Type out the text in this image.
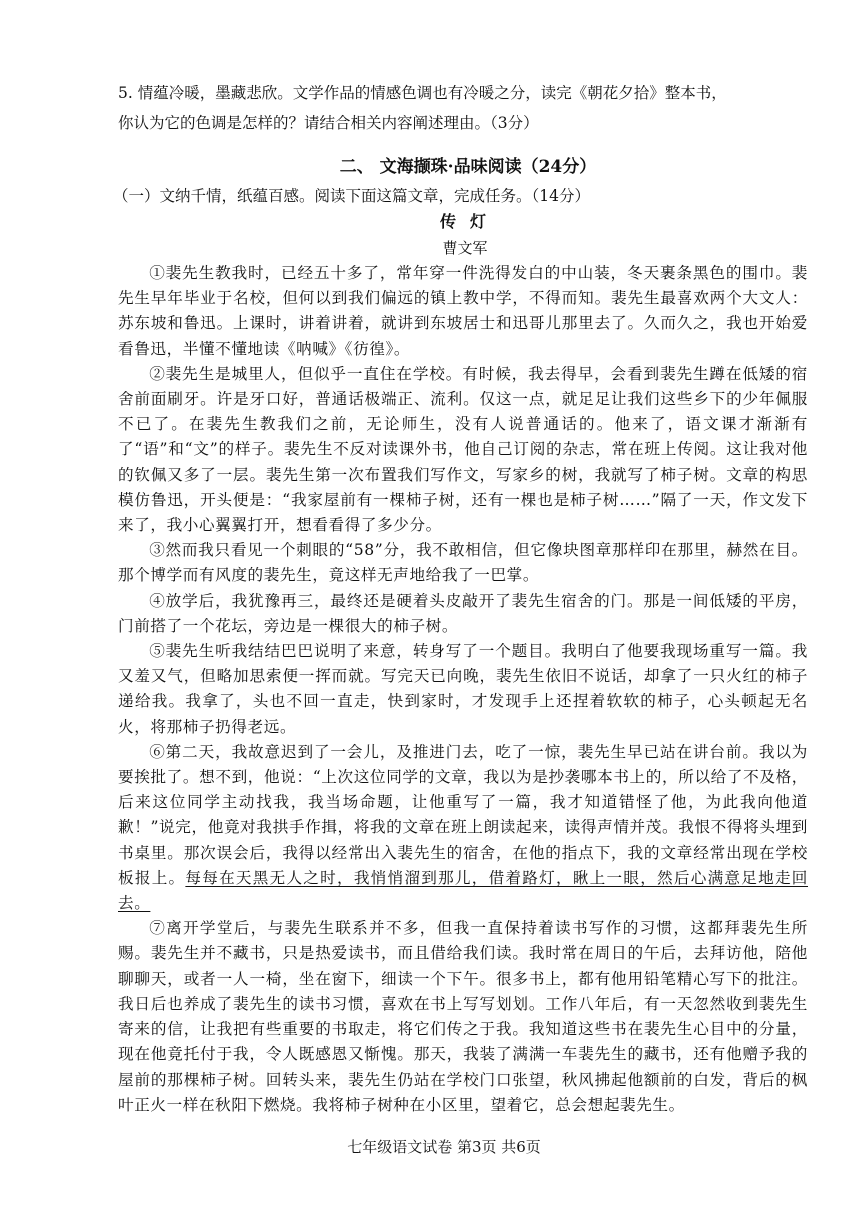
5. 情蕴冷暖，墨藏悲欣。文学作品的情感色调也有冷暖之分，读完《朝花夕拾》整本书，
你认为它的色调是怎样的？请结合相关内容阐述理由。（3分）

二、 文海撷珠·品味阅读（24分）

（一）文纳千情，纸蕴百感。阅读下面这篇文章，完成任务。（14分）

传灯

曹文军

①裴先生教我时，已经五十多了，常年穿一件洗得发白的中山装，冬天裹条黑色的围巾。裴先生早年毕业于名校，但何以到我们偏远的镇上教中学，不得而知。裴先生最喜欢两个大文人：苏东坡和鲁迅。上课时，讲着讲着，就讲到东坡居士和迅哥儿那里去了。久而久之，我也开始爱看鲁迅，半懂不懂地读《呐喊》《彷徨》。

②裴先生是城里人，但似乎一直住在学校。有时候，我去得早，会看到裴先生蹲在低矮的宿舍前面刷牙。许是牙口好，普通话极端正、流利。仅这一点，就足足让我们这些乡下的少年佩服不已了。在裴先生教我们之前，无论师生，没有人说普通话的。他来了，语文课才渐渐有了“语”和“文”的样子。裴先生不反对读课外书，他自己订阅的杂志，常在班上传阅。这让我对他的钦佩又多了一层。裴先生第一次布置我们写作文，写家乡的树，我就写了柿子树。文章的构思模仿鲁迅，开头便是：“我家屋前有一棵柿子树，还有一棵也是柿子树……”隔了一天，作文发下来了，我小心翼翼打开，想看看得了多少分。

③然而我只看见一个刺眼的“58”分，我不敢相信，但它像块图章那样印在那里，赫然在目。那个博学而有风度的裴先生，竟这样无声地给我了一巴掌。

④放学后，我犹豫再三，最终还是硬着头皮敲开了裴先生宿舍的门。那是一间低矮的平房，门前搭了一个花坛，旁边是一棵很大的柿子树。

⑤裴先生听我结结巴巴说明了来意，转身写了一个题目。我明白了他要我现场重写一篇。我又羞又气，但略加思索便一挥而就。写完天已向晚，裴先生依旧不说话，却拿了一只火红的柿子递给我。我拿了，头也不回一直走，快到家时，才发现手上还捏着软软的柿子，心头顿起无名火，将那柿子扔得老远。

⑥第二天，我故意迟到了一会儿，及推进门去，吃了一惊，裴先生早已站在讲台前。我以为要挨批了。想不到，他说：“上次这位同学的文章，我以为是抄袭哪本书上的，所以给了不及格，后来这位同学主动找我，我当场命题，让他重写了一篇，我才知道错怪了他，为此我向他道歉！”说完，他竟对我拱手作揖，将我的文章在班上朗读起来，读得声情并茂。我恨不得将头埋到书桌里。那次误会后，我得以经常出入裴先生的宿舍，在他的指点下，我的文章经常出现在学校板报上。每每在天黑无人之时，我悄悄溜到那儿，借着路灯，瞅上一眼，然后心满意足地走回去。

⑦离开学堂后，与裴先生联系并不多，但我一直保持着读书写作的习惯，这都拜裴先生所赐。裴先生并不藏书，只是热爱读书，而且借给我们读。我时常在周日的午后，去拜访他，陪他聊聊天，或者一人一椅，坐在窗下，细读一个下午。很多书上，都有他用铅笔精心写下的批注。我日后也养成了裴先生的读书习惯，喜欢在书上写写划划。工作八年后，有一天忽然收到裴先生寄来的信，让我把有些重要的书取走，将它们传之于我。我知道这些书在裴先生心目中的分量，现在他竟托付于我，令人既感恩又惭愧。那天，我装了满满一车裴先生的藏书，还有他赠予我的屋前的那棵柿子树。回转头来，裴先生仍站在学校门口张望，秋风拂起他额前的白发，背后的枫叶正火一样在秋阳下燃烧。我将柿子树种在小区里，望着它，总会想起裴先生。

七年级语文试卷 第3页 共6页
